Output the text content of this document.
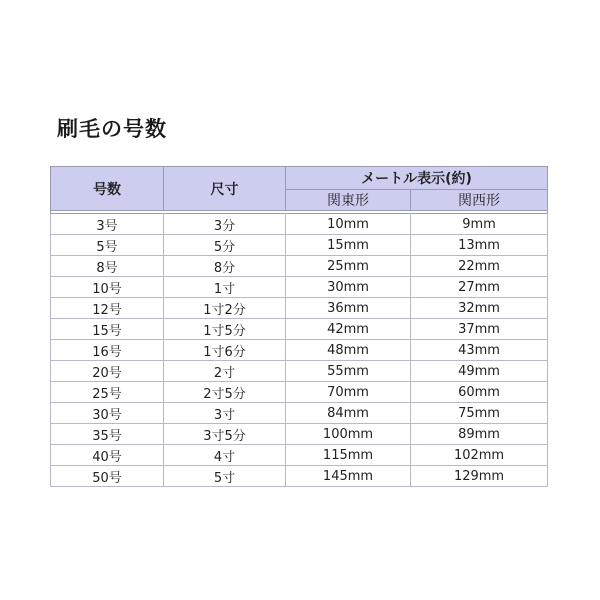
刷毛の号数
号数	尺寸	メートル表示(約)	
		関東形	関西形

3号	3分	10mm	9mm
5号	5分	15mm	13mm
8号	8分	25mm	22mm
10号	1寸	30mm	27mm
12号	1寸2分	36mm	32mm
15号	1寸5分	42mm	37mm
16号	1寸6分	48mm	43mm
20号	2寸	55mm	49mm
25号	2寸5分	70mm	60mm
30号	3寸	84mm	75mm
35号	3寸5分	100mm	89mm
40号	4寸	115mm	102mm
50号	5寸	145mm	129mm
